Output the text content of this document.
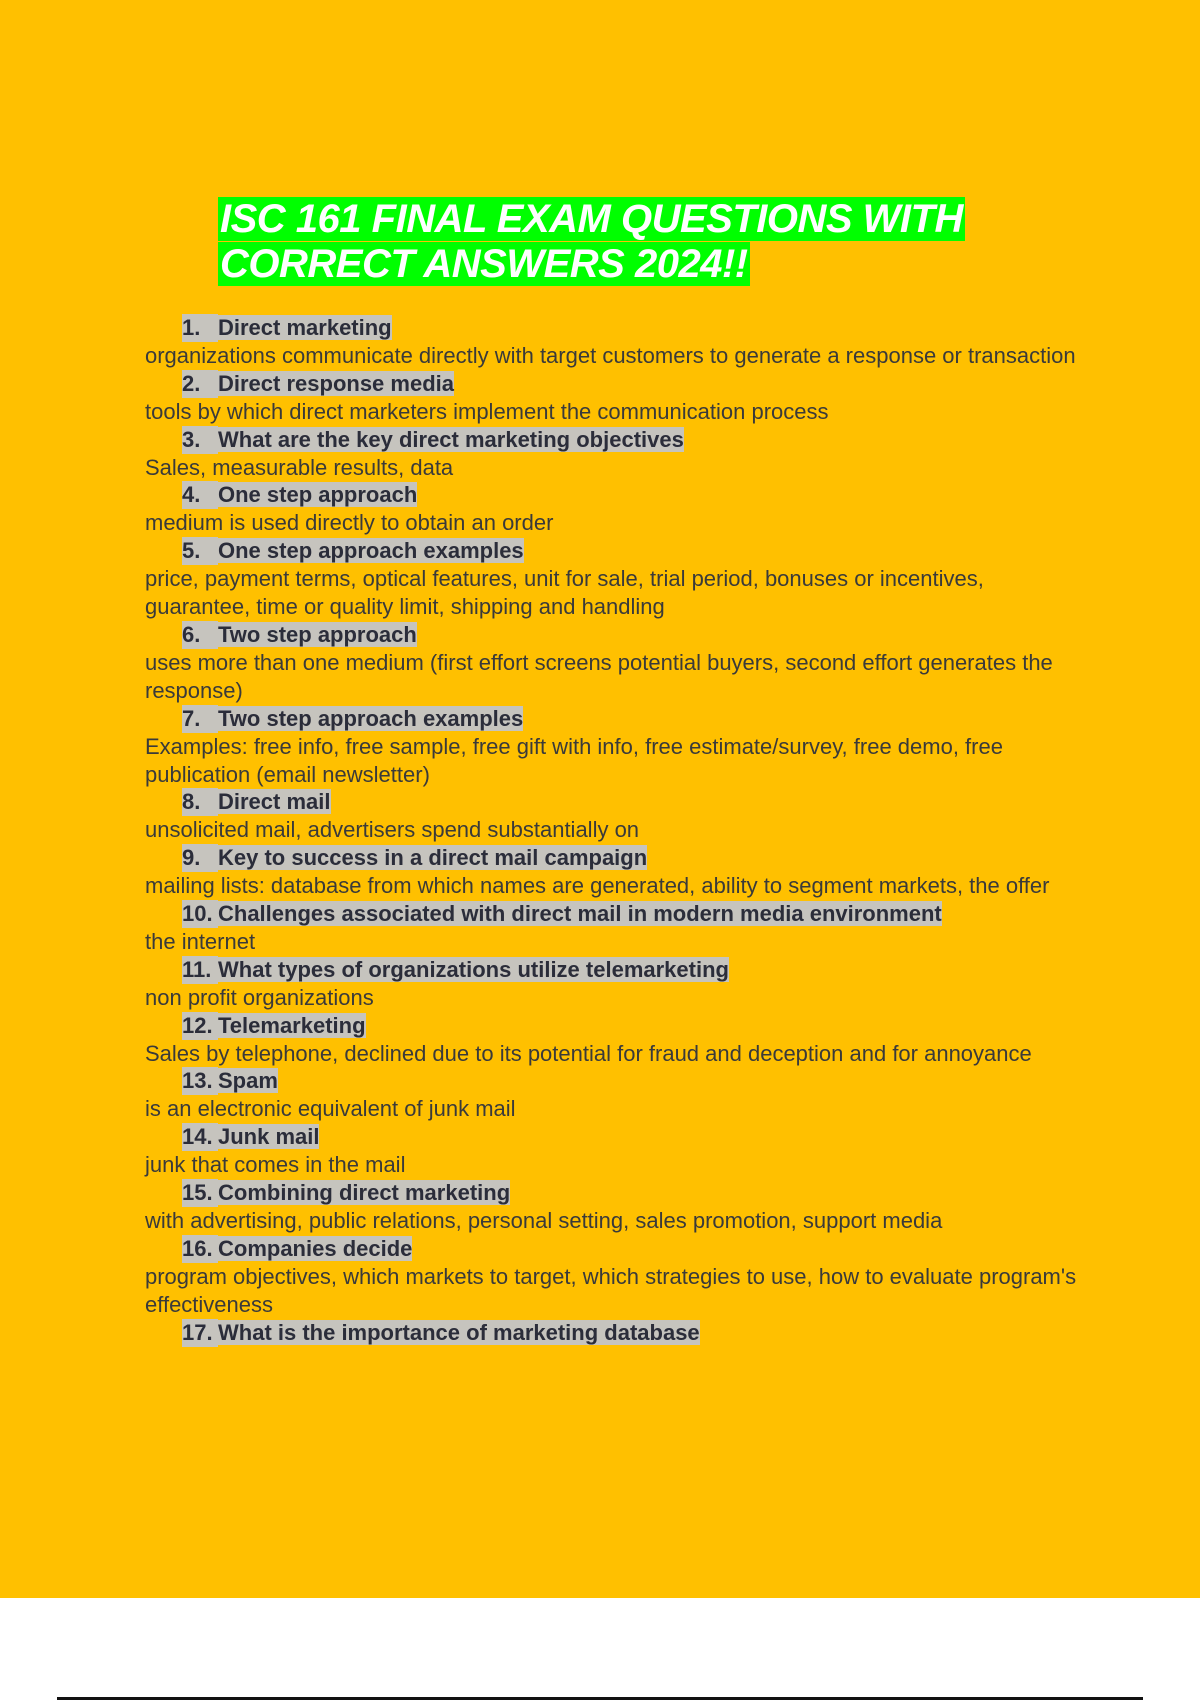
ISC 161 FINAL EXAM QUESTIONS WITH
CORRECT ANSWERS 2024!!
1. Direct marketing
organizations communicate directly with target customers to generate a response or transaction
2. Direct response media
tools by which direct marketers implement the communication process
3. What are the key direct marketing objectives
Sales, measurable results, data
4. One step approach
medium is used directly to obtain an order
5. One step approach examples
price, payment terms, optical features, unit for sale, trial period, bonuses or incentives, guarantee, time or quality limit, shipping and handling
6. Two step approach
uses more than one medium (first effort screens potential buyers, second effort generates the response)
7. Two step approach examples
Examples: free info, free sample, free gift with info, free estimate/survey, free demo, free publication (email newsletter)
8. Direct mail
unsolicited mail, advertisers spend substantially on
9. Key to success in a direct mail campaign
mailing lists: database from which names are generated, ability to segment markets, the offer
10. Challenges associated with direct mail in modern media environment
the internet
11. What types of organizations utilize telemarketing
non profit organizations
12. Telemarketing
Sales by telephone, declined due to its potential for fraud and deception and for annoyance
13. Spam
is an electronic equivalent of junk mail
14. Junk mail
junk that comes in the mail
15. Combining direct marketing
with advertising, public relations, personal setting, sales promotion, support media
16. Companies decide
program objectives, which markets to target, which strategies to use, how to evaluate program's effectiveness
17. What is the importance of marketing database
